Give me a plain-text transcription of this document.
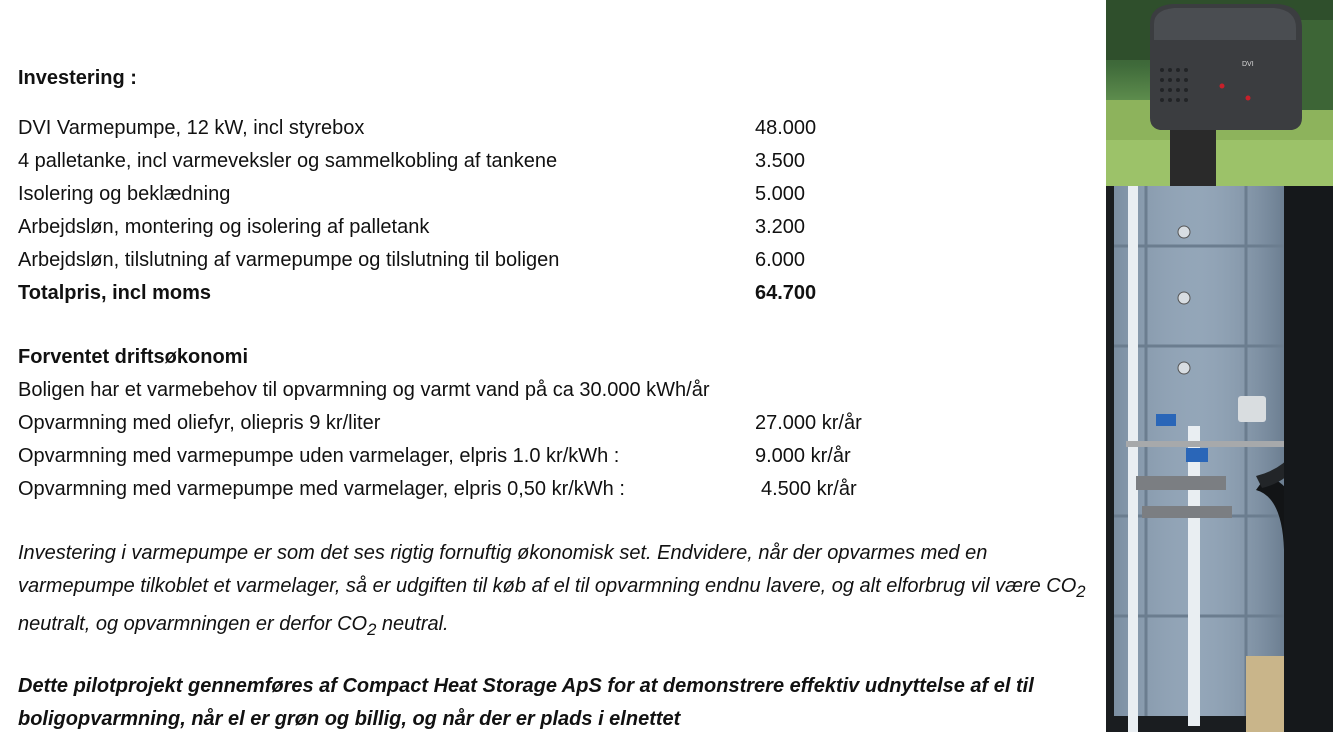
Investering :
DVI Varmepumpe, 12 kW, incl styrebox	48.000
4 palletanke, incl varmeveksler og sammelkobling af tankene	3.500
Isolering og beklædning	5.000
Arbejdsløn, montering og isolering af palletank	3.200
Arbejdsløn, tilslutning af varmepumpe og tilslutning til boligen	6.000
Totalpris, incl moms	64.700
Forventet driftsøkonomi
Boligen har et varmebehov til opvarmning og varmt vand på ca 30.000 kWh/år
Opvarmning med oliefyr, oliepris 9 kr/liter	27.000 kr/år
Opvarmning med varmepumpe uden varmelager, elpris 1.0 kr/kWh :	9.000 kr/år
Opvarmning med varmepumpe med varmelager, elpris 0,50 kr/kWh :	4.500 kr/år
Investering i varmepumpe er som det ses rigtig fornuftig økonomisk set. Endvidere, når der opvarmes med en varmepumpe tilkoblet et varmelager, så er udgiften til køb af el til opvarmning endnu lavere, og alt elforbrug vil være $CO_2$ neutralt, og opvarmningen er derfor $CO_2$ neutral.
Dette pilotprojekt gennemføres af Compact Heat Storage ApS for at demonstrere effektiv udnyttelse af el til boligopvarmning, når el er grøn og billig, og når der er plads i elnettet
DVI
